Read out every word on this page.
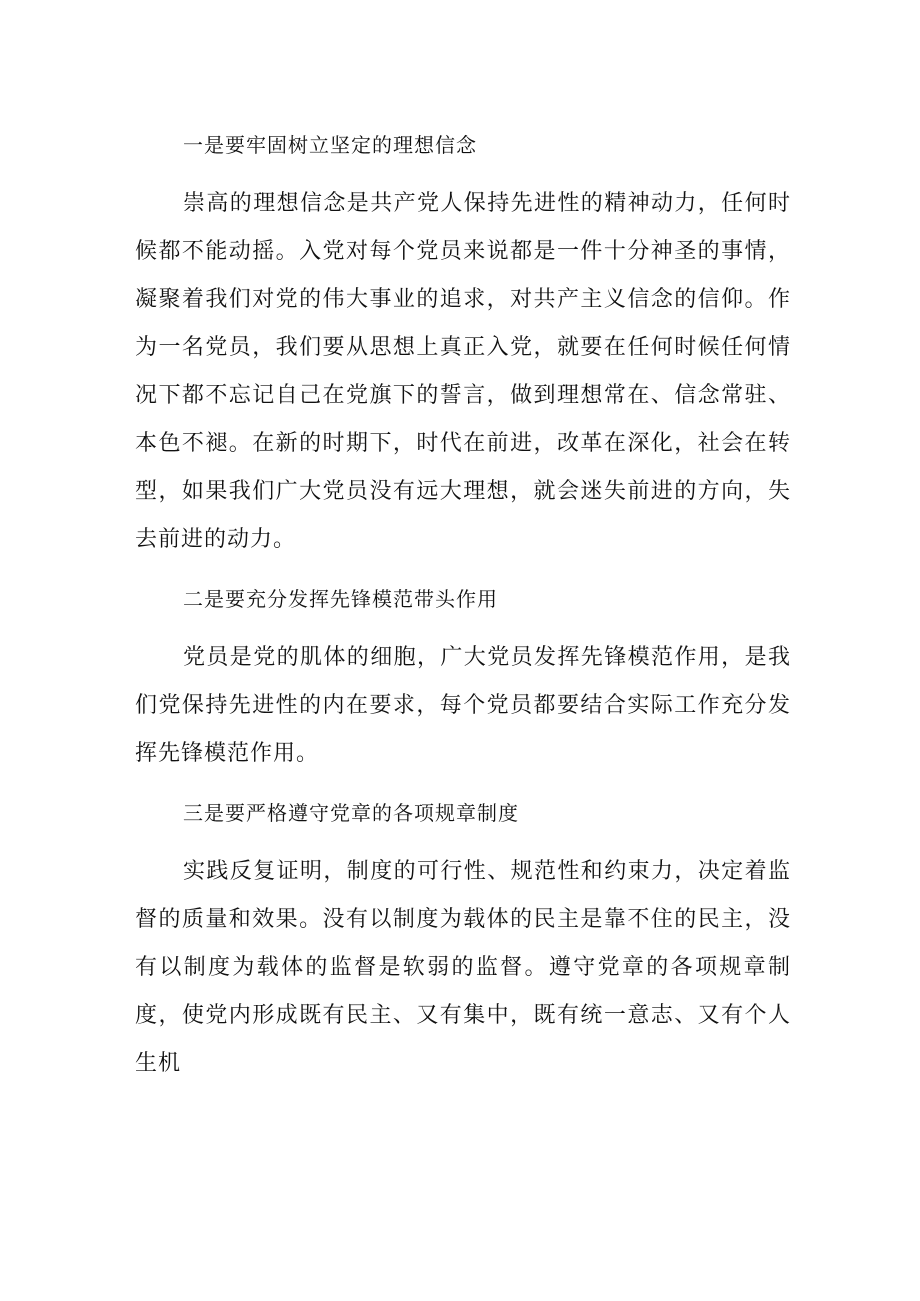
一是要牢固树立坚定的理想信念

崇高的理想信念是共产党人保持先进性的精神动力，任何时候都不能动摇。入党对每个党员来说都是一件十分神圣的事情，凝聚着我们对党的伟大事业的追求，对共产主义信念的信仰。作为一名党员，我们要从思想上真正入党，就要在任何时候任何情况下都不忘记自己在党旗下的誓言，做到理想常在、信念常驻、本色不褪。在新的时期下，时代在前进，改革在深化，社会在转型，如果我们广大党员没有远大理想，就会迷失前进的方向，失去前进的动力。

二是要充分发挥先锋模范带头作用

党员是党的肌体的细胞，广大党员发挥先锋模范作用，是我们党保持先进性的内在要求，每个党员都要结合实际工作充分发挥先锋模范作用。

三是要严格遵守党章的各项规章制度

实践反复证明，制度的可行性、规范性和约束力，决定着监督的质量和效果。没有以制度为载体的民主是靠不住的民主，没有以制度为载体的监督是软弱的监督。遵守党章的各项规章制度，使党内形成既有民主、又有集中，既有统一意志、又有个人生机
